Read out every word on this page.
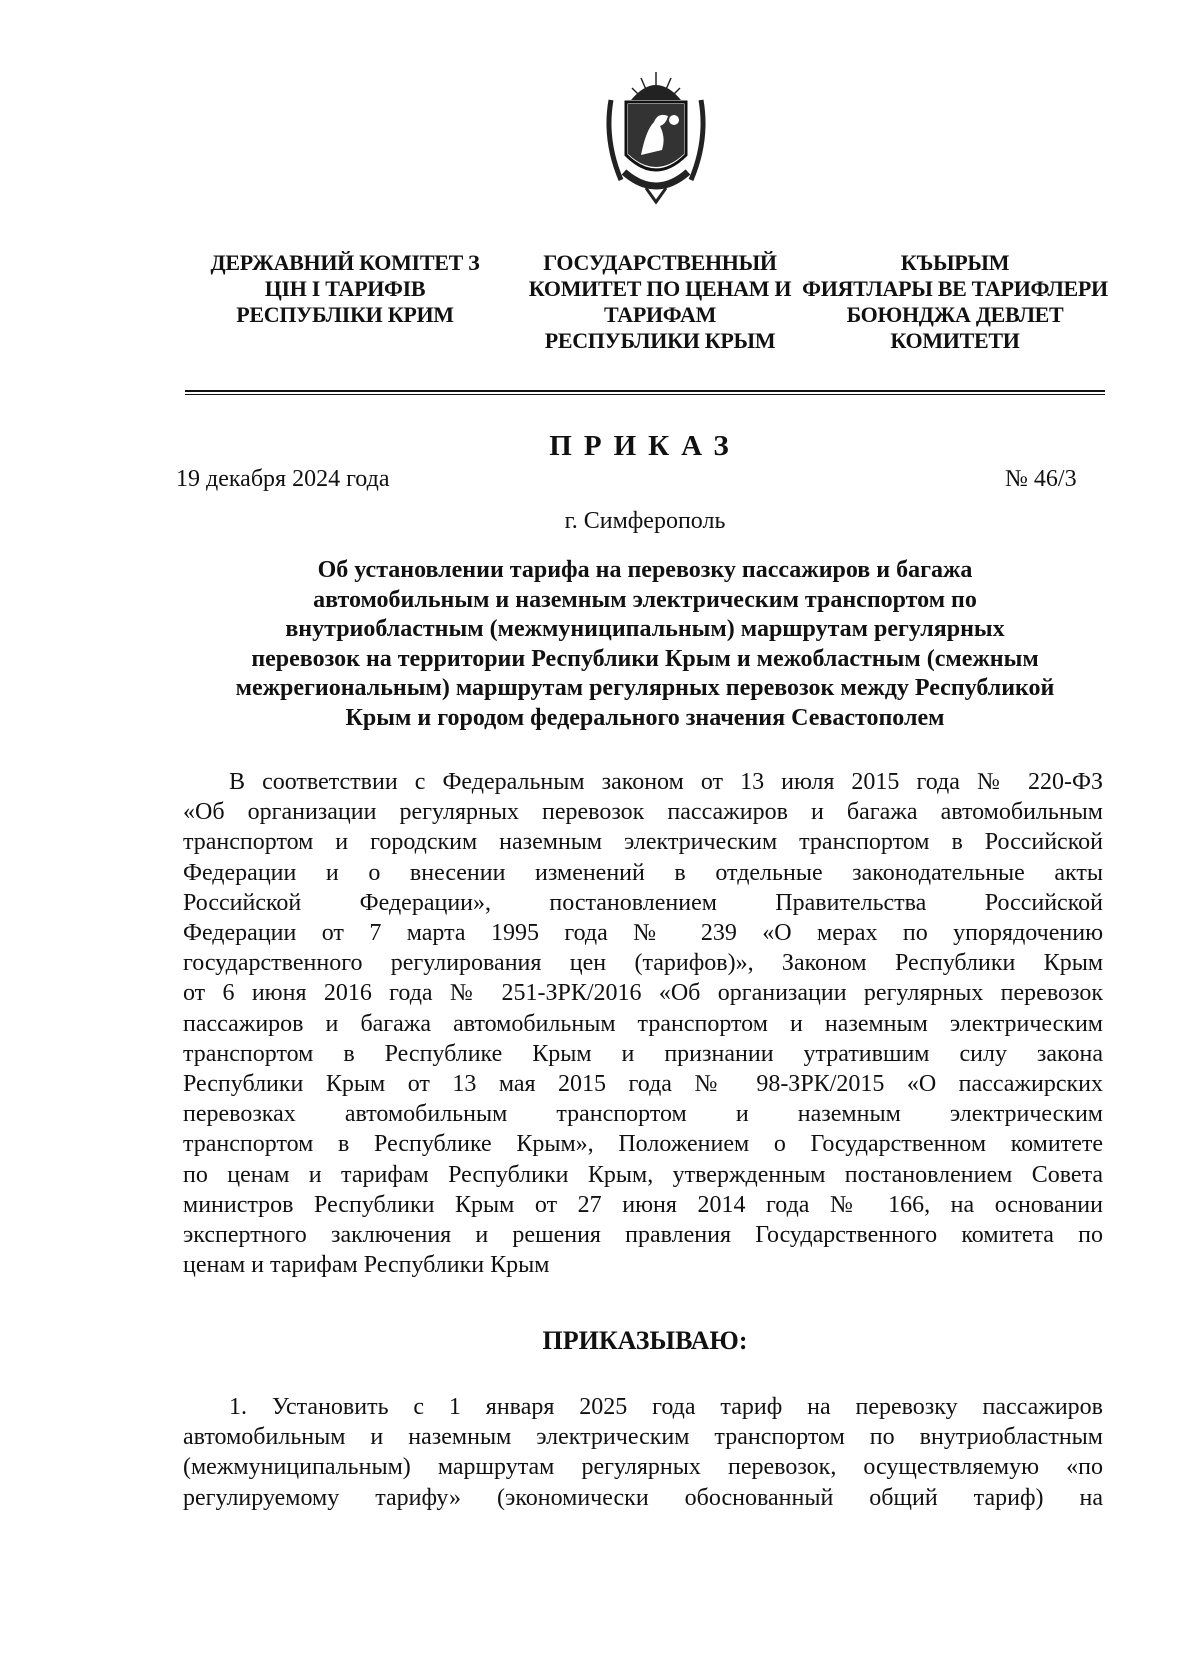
ДЕРЖАВНИЙ КОМІТЕТ З
ЦІН І ТАРИФІВ
РЕСПУБЛІКИ КРИМ
ГОСУДАРСТВЕННЫЙ
КОМИТЕТ ПО ЦЕНАМ И
ТАРИФАМ
РЕСПУБЛИКИ КРЫМ
КЪЫРЫМ
ФИЯТЛАРЫ ВЕ ТАРИФЛЕРИ
БОЮНДЖА ДЕВЛЕТ
КОМИТЕТИ
ПРИКАЗ
19 декабря 2024 года	№ 46/3
г. Симферополь
Об установлении тарифа на перевозку пассажиров и багажа
автомобильным и наземным электрическим транспортом по
внутриобластным (межмуниципальным) маршрутам регулярных
перевозок на территории Республики Крым и межобластным (смежным
межрегиональным) маршрутам регулярных перевозок между Республикой
Крым и городом федерального значения Севастополем
В соответствии с Федеральным законом от 13 июля 2015 года № 220-ФЗ
«Об организации регулярных перевозок пассажиров и багажа автомобильным
транспортом и городским наземным электрическим транспортом в Российской
Федерации и о внесении изменений в отдельные законодательные акты
Российской Федерации», постановлением Правительства Российской
Федерации от 7 марта 1995 года № 239 «О мерах по упорядочению
государственного регулирования цен (тарифов)», Законом Республики Крым
от 6 июня 2016 года № 251-ЗРК/2016 «Об организации регулярных перевозок
пассажиров и багажа автомобильным транспортом и наземным электрическим
транспортом в Республике Крым и признании утратившим силу закона
Республики Крым от 13 мая 2015 года № 98-ЗРК/2015 «О пассажирских
перевозках автомобильным транспортом и наземным электрическим
транспортом в Республике Крым», Положением о Государственном комитете
по ценам и тарифам Республики Крым, утвержденным постановлением Совета
министров Республики Крым от 27 июня 2014 года № 166, на основании
экспертного заключения и решения правления Государственного комитета по
ценам и тарифам Республики Крым
ПРИКАЗЫВАЮ:
1. Установить с 1 января 2025 года тариф на перевозку пассажиров
автомобильным и наземным электрическим транспортом по внутриобластным
(межмуниципальным) маршрутам регулярных перевозок, осуществляемую «по
регулируемому тарифу» (экономически обоснованный общий тариф) на
